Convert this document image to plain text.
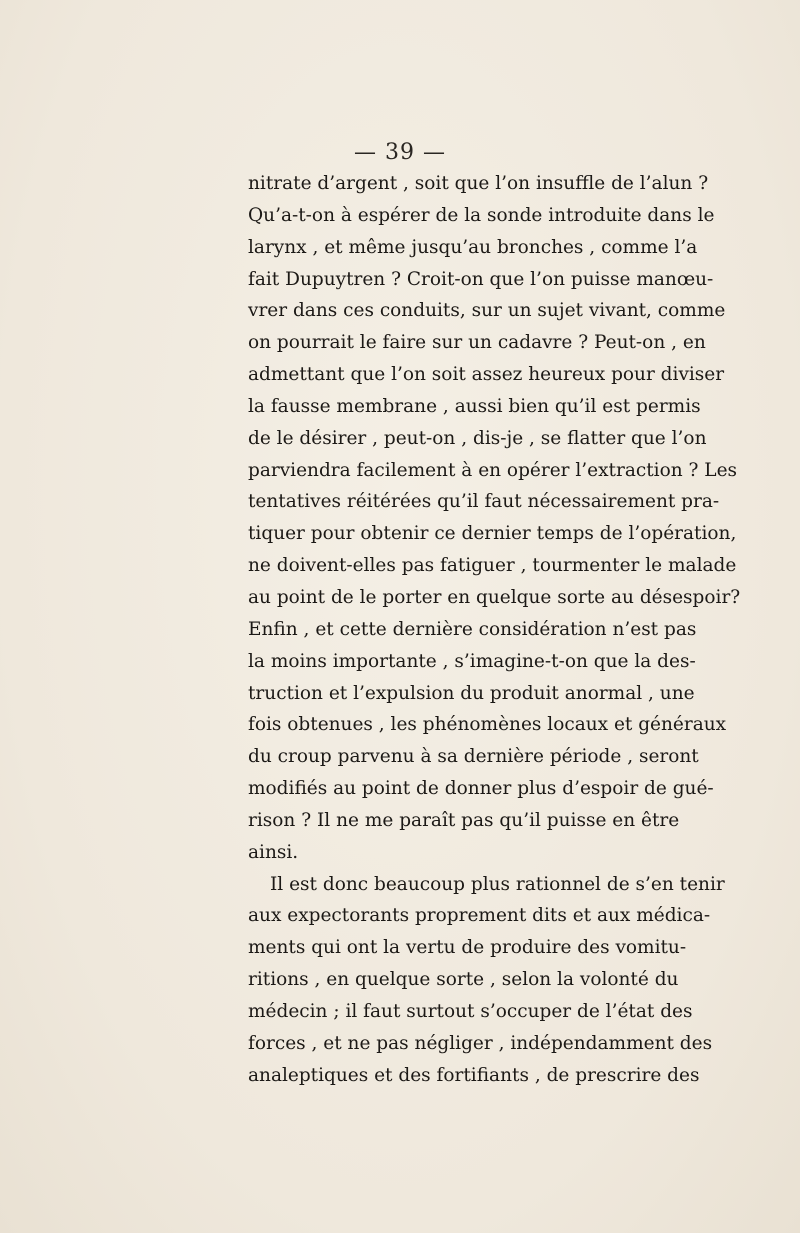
— 39 —
nitrate d’argent , soit que l’on insuffle de l’alun ?
Qu’a-t-on à espérer de la sonde introduite dans le
larynx , et même jusqu’au bronches , comme l’a
fait Dupuytren ? Croit-on que l’on puisse manœu-
vrer dans ces conduits, sur un sujet vivant, comme
on pourrait le faire sur un cadavre ? Peut-on , en
admettant que l’on soit assez heureux pour diviser
la fausse membrane , aussi bien qu’il est permis
de le désirer , peut-on , dis-je , se flatter que l’on
parviendra facilement à en opérer l’extraction ? Les
tentatives réitérées qu’il faut nécessairement pra-
tiquer pour obtenir ce dernier temps de l’opération,
ne doivent-elles pas fatiguer , tourmenter le malade
au point de le porter en quelque sorte au désespoir?
Enfin , et cette dernière considération n’est pas
la moins importante , s’imagine-t-on que la des-
truction et l’expulsion du produit anormal , une
fois obtenues , les phénomènes locaux et généraux
du croup parvenu à sa dernière période , seront
modifiés au point de donner plus d’espoir de gué-
rison ? Il ne me paraît pas qu’il puisse en être
ainsi.
Il est donc beaucoup plus rationnel de s’en tenir
aux expectorants proprement dits et aux médica-
ments qui ont la vertu de produire des vomitu-
ritions , en quelque sorte , selon la volonté du
médecin ; il faut surtout s’occuper de l’état des
forces , et ne pas négliger , indépendamment des
analeptiques et des fortifiants , de prescrire des
